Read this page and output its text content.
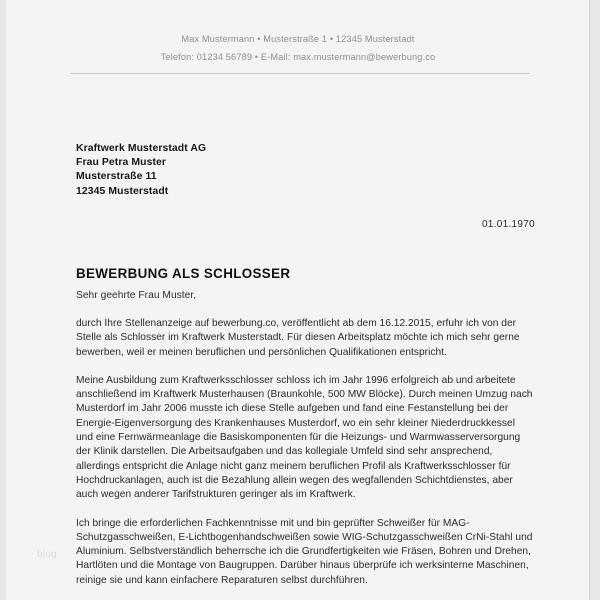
Max Mustermann • Musterstraße 1 • 12345 Musterstadt
Telefon: 01234 56789 • E-Mail: max.mustermann@bewerbung.co
Kraftwerk Musterstadt AG
Frau Petra Muster
Musterstraße 11
12345 Musterstadt
01.01.1970
BEWERBUNG ALS SCHLOSSER
Sehr geehrte Frau Muster,

durch Ihre Stellenanzeige auf bewerbung.co, veröffentlicht ab dem 16.12.2015, erfuhr ich von der Stelle als Schlosser im Kraftwerk Musterstadt. Für diesen Arbeitsplatz möchte ich mich sehr gerne bewerben, weil er meinen beruflichen und persönlichen Qualifikationen entspricht.

Meine Ausbildung zum Kraftwerksschlosser schloss ich im Jahr 1996 erfolgreich ab und arbeitete anschließend im Kraftwerk Musterhausen (Braunkohle, 500 MW Blöcke). Durch meinen Umzug nach Musterdorf im Jahr 2006 musste ich diese Stelle aufgeben und fand eine Festanstellung bei der Energie-Eigenversorgung des Krankenhauses Musterdorf, wo ein sehr kleiner Niederdruckkessel und eine Fernwärmeanlage die Basiskomponenten für die Heizungs- und Warmwasserversorgung der Klinik darstellen. Die Arbeitsaufgaben und das kollegiale Umfeld sind sehr ansprechend, allerdings entspricht die Anlage nicht ganz meinem beruflichen Profil als Kraftwerksschlosser für Hochdruckanlagen, auch ist die Bezahlung allein wegen des wegfallenden Schichtdienstes, aber auch wegen anderer Tarifstrukturen geringer als im Kraftwerk.

Ich bringe die erforderlichen Fachkenntnisse mit und bin geprüfter Schweißer für MAG-Schutzgasschweißen, E-Lichtbogenhandschweißen sowie WIG-Schutzgasschweißen CrNi-Stahl und Aluminium. Selbstverständlich beherrsche ich die Grundfertigkeiten wie Fräsen, Bohren und Drehen, Hartlöten und die Montage von Baugruppen. Darüber hinaus überprüfe ich werksinterne Maschinen, reinige sie und kann einfachere Reparaturen selbst durchführen.

blog
